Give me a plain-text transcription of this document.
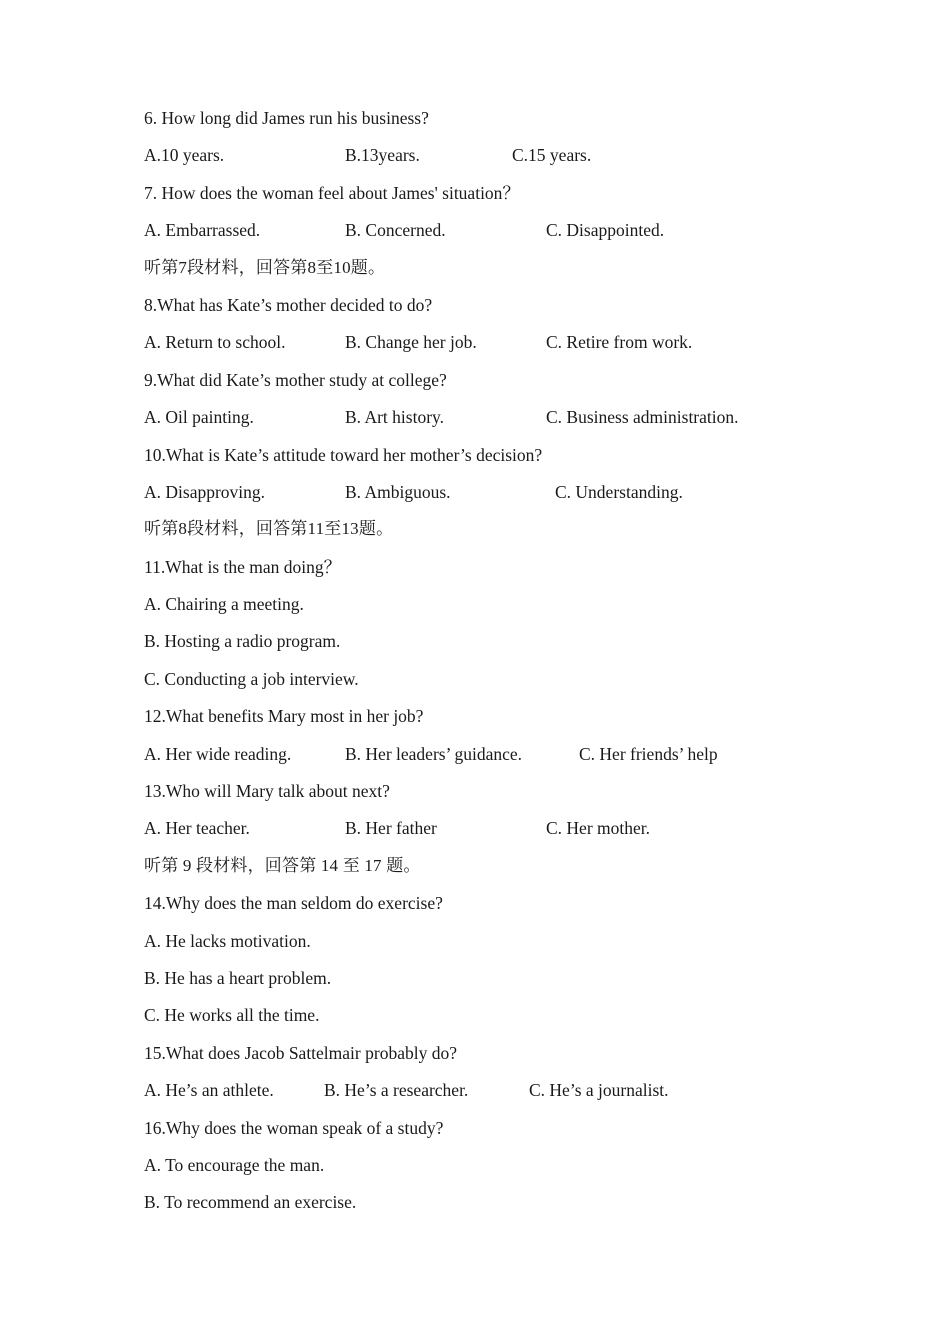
6. How long did James run his business?
A.10 years.	B.13years.	C.15 years.
7. How does the woman feel about James' situation？
A. Embarrassed.	B. Concerned.	C. Disappointed.
听第7段材料，回答第8至10题。
8.What has Kate’s mother decided to do?
A. Return to school.	B. Change her job.	C. Retire from work.
9.What did Kate’s mother study at college?
A. Oil painting.	B. Art history.	C. Business administration.
10.What is Kate’s attitude toward her mother’s decision?
A. Disapproving.	B. Ambiguous.	C. Understanding.
听第8段材料，回答第11至13题。
11.What is the man doing？
A. Chairing a meeting.
B. Hosting a radio program.
C. Conducting a job interview.
12.What benefits Mary most in her job?
A. Her wide reading.	B. Her leaders’ guidance.	C. Her friends’ help
13.Who will Mary talk about next?
A. Her teacher.	B. Her father	C. Her mother.
听第 9 段材料，回答第 14 至 17 题。
14.Why does the man seldom do exercise?
A. He lacks motivation.
B. He has a heart problem.
C. He works all the time.
15.What does Jacob Sattelmair probably do?
A. He’s an athlete.	B. He’s a researcher.	C. He’s a journalist.
16.Why does the woman speak of a study?
A. To encourage the man.
B. To recommend an exercise.
